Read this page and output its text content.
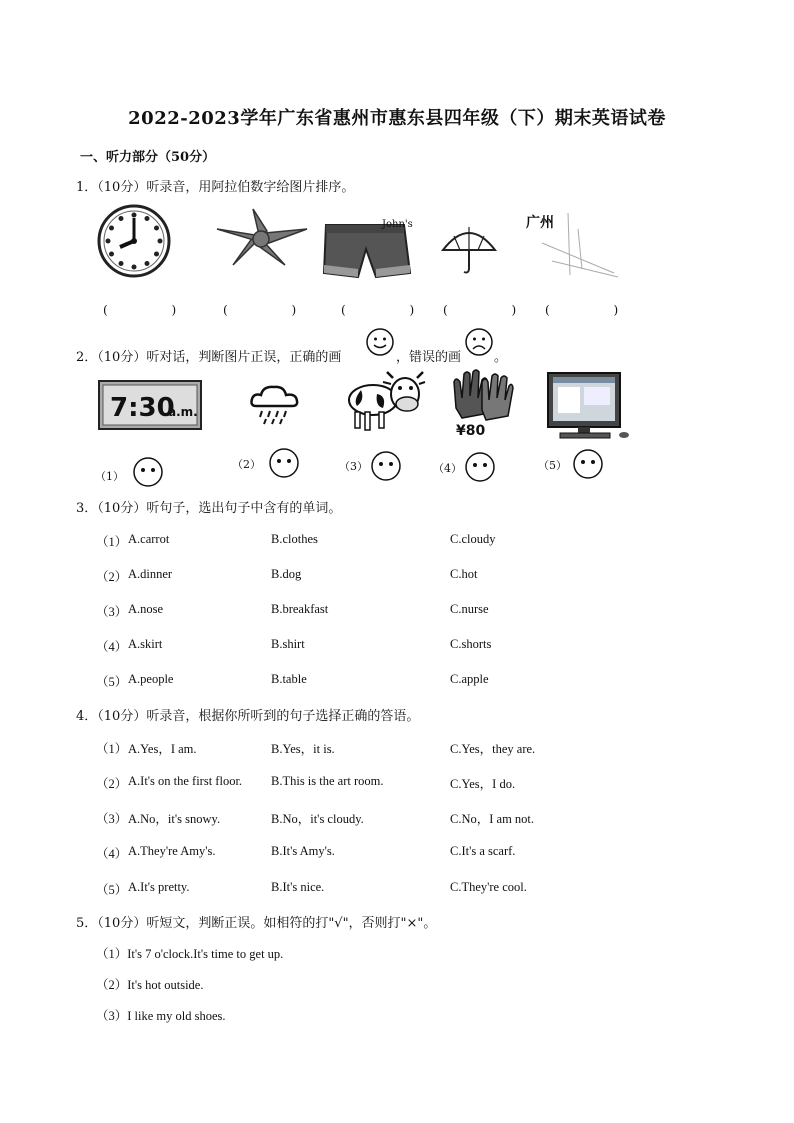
2022-2023学年广东省惠州市惠东县四年级（下）期末英语试卷
一、听力部分（50分）
1．（10分）听录音，用阿拉伯数字给图片排序。
John's	广州
( ) ( ) ( )
( )
( )
2．（10分）听对话，判断图片正误，正确的画	，错误的画	。
7:30
a.m.
¥80
（1）
（2）	（3）	（4）	（5）
3．（10分）听句子，选出句子中含有的单词。
（1） A.carrot	B.clothes	C.cloudy
（2） A.dinner	B.dog	C.hot
（3） A.nose	B.breakfast	C.nurse
（4） A.skirt	B.shirt	C.shorts
（5） A.people	B.table	C.apple
4．（10分）听录音，根据你所听到的句子选择正确的答语。
（1） A.Yes，I am.	B.Yes，it is.	C.Yes，they are.
（2） A.It's on the first floor. B.This is the art room.	C.Yes，I do.
（3） A.No，it's snowy.	B.No，it's cloudy.	C.No，I am not.
（4） A.They're Amy's.	B.It's Amy's.	C.It's a scarf.
（5） A.It's pretty.	B.It's nice.	C.They're cool.
5．（10分）听短文，判断正误。如相符的打"√"，否则打"×"。
（1）It's 7 o'clock.It's time to get up.
（2）It's hot outside.
（3）I like my old shoes.
